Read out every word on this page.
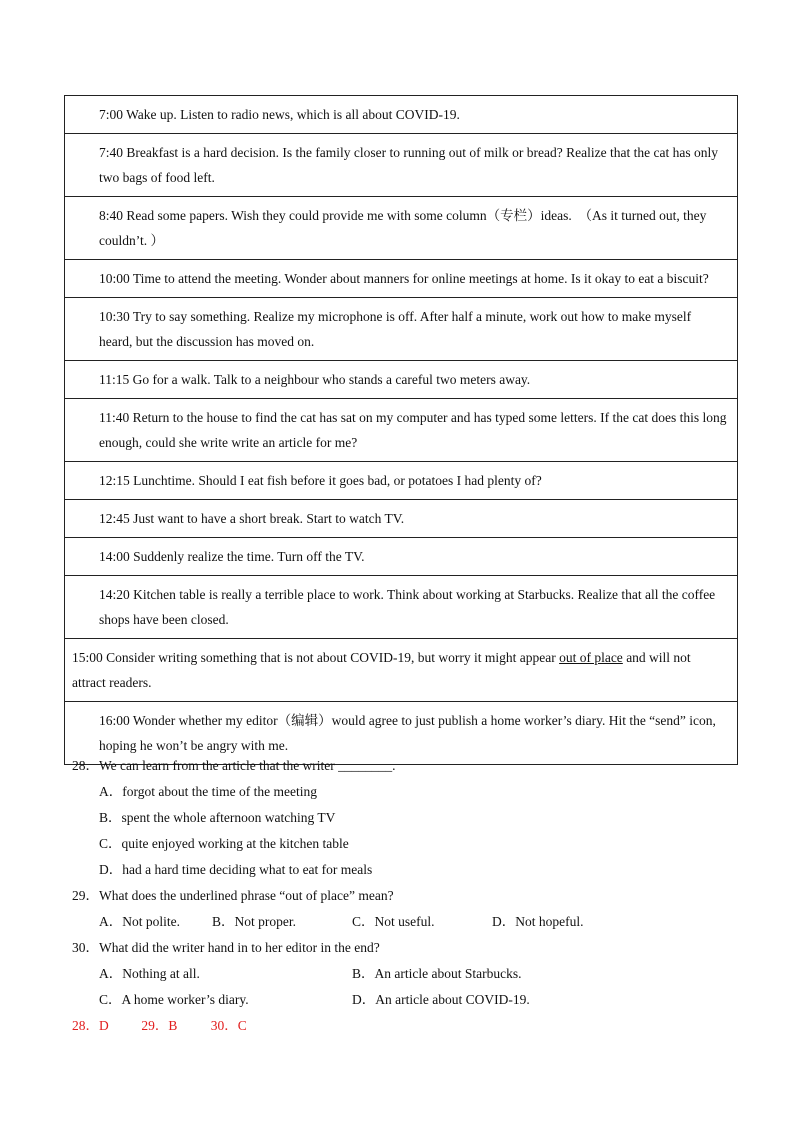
7:00 Wake up. Listen to radio news, which is all about COVID-19.
7:40 Breakfast is a hard decision. Is the family closer to running out of milk or bread? Realize that the cat has only two bags of food left.
8:40 Read some papers. Wish they could provide me with some column（专栏）ideas.　（As it turned out, they couldn’t. ）
10:00 Time to attend the meeting. Wonder about manners for online meetings at home. Is it okay to eat a biscuit?
10:30 Try to say something. Realize my microphone is off. After half a minute, work out how to make myself heard, but the discussion has moved on.
11:15 Go for a walk. Talk to a neighbour who stands a careful two meters away.
11:40 Return to the house to find the cat has sat on my computer and has typed some letters. If the cat does this long enough, could she write write an article for me?
12:15 Lunchtime. Should I eat fish before it goes bad, or potatoes I had plenty of?
12:45 Just want to have a short break. Start to watch TV.
14:00 Suddenly realize the time. Turn off the TV.
14:20 Kitchen table is really a terrible place to work. Think about working at Starbucks. Realize that all the coffee shops have been closed.
15:00 Consider writing something that is not about COVID-19, but worry it might appear out of place and will not attract readers.
16:00 Wonder whether my editor（编辑）would agree to just publish a home worker’s diary. Hit the “send” icon, hoping he won’t be angry with me.

28．We can learn from the article that the writer ________.

A．forgot about the time of the meeting
B．spent the whole afternoon watching TV
C．quite enjoyed working at the kitchen table
D．had a hard time deciding what to eat for meals

29．What does the underlined phrase “out of place” mean?

A．Not polite.	B．Not proper.	C．Not useful.	D．Not hopeful.

30．What did the writer hand in to her editor in the end?

A．Nothing at all.	B．An article about Starbucks.
C．A home worker’s diary.	D．An article about COVID-19.
28．D 29．B 30．C
